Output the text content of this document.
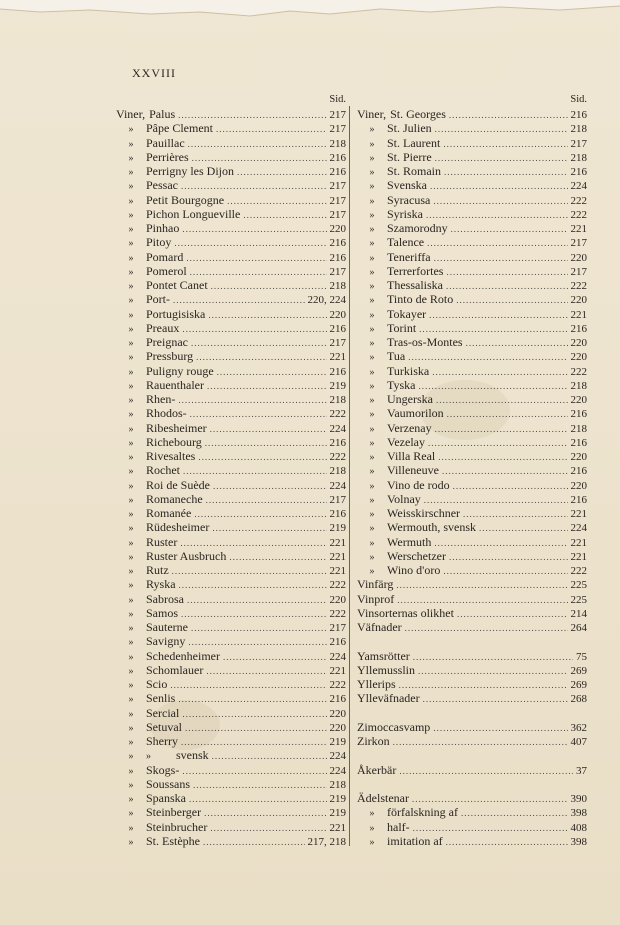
XXVIII
Sid.
Viner, Palus .....	217
»	Pâpe Clement .....	217
»	Pauillac .....	218
»	Perrières .....	216
»	Perrigny les Dijon .....	216
»	Pessac .....	217
»	Petit Bourgogne .....	217
»	Pichon Longueville .....	217
»	Pinhao .....	220
»	Pitoy .....	216
»	Pomard .....	216
»	Pomerol .....	217
»	Pontet Canet .....	218
»	Port- .....	220, 224
»	Portugisiska .....	220
»	Preaux .....	216
»	Preignac .....	217
»	Pressburg .....	221
»	Puligny rouge .....	216
»	Rauenthaler .....	219
»	Rhen- .....	218
»	Rhodos- .....	222
»	Ribesheimer .....	224
»	Richebourg .....	216
»	Rivesaltes .....	222
»	Rochet .....	218
»	Roi de Suède .....	224
»	Romaneche .....	217
»	Romanée .....	216
»	Rüdesheimer .....	219
»	Ruster .....	221
»	Ruster Ausbruch .....	221
»	Rutz .....	221
»	Ryska .....	222
»	Sabrosa .....	220
»	Samos .....	222
»	Sauterne .....	217
»	Savigny .....	216
»	Schedenheimer .....	224
»	Schomlauer .....	221
»	Scio .....	222
»	Senlis .....	216
»	Sercial .....	220
»	Setuval .....	220
»	Sherry .....	219
»	»	svensk .....	224
»	Skogs- .....	224
»	Soussans .....	218
»	Spanska .....	219
»	Steinberger .....	219
»	Steinbrucher .....	221
»	St. Estèphe .....	217, 218
Sid.
Viner, St. Georges .....	216
»	St. Julien .....	218
»	St. Laurent .....	217
»	St. Pierre .....	218
»	St. Romain .....	216
»	Svenska .....	224
»	Syracusa .....	222
»	Syriska .....	222
»	Szamorodny .....	221
»	Talence .....	217
»	Teneriffa .....	220
»	Terrerfortes .....	217
»	Thessaliska .....	222
»	Tinto de Roto .....	220
»	Tokayer .....	221
»	Torint .....	216
»	Tras-os-Montes .....	220
»	Tua .....	220
»	Turkiska .....	222
»	Tyska .....	218
»	Ungerska .....	220
»	Vaumorilon .....	216
»	Verzenay .....	218
»	Vezelay .....	216
»	Villa Real .....	220
»	Villeneuve .....	216
»	Vino de rodo .....	220
»	Volnay .....	216
»	Weisskirschner .....	221
»	Wermouth, svensk .....	224
»	Wermuth .....	221
»	Werschetzer .....	221
»	Wino d'oro .....	222
Vinfärg .....	225
Vinprof .....	225
Vinsorternas olikhet .....	214
Väfnader .....	264
Yamsrötter .....	75
Yllemusslin .....	269
Yllerips .....	269
Ylleväfnader .....	268
Zimoccasvamp .....	362
Zirkon .....	407
Åkerbär .....	37
Ädelstenar .....	390
»	förfalskning af .....	398
»	half- .....	408
»	imitation af .....	398
